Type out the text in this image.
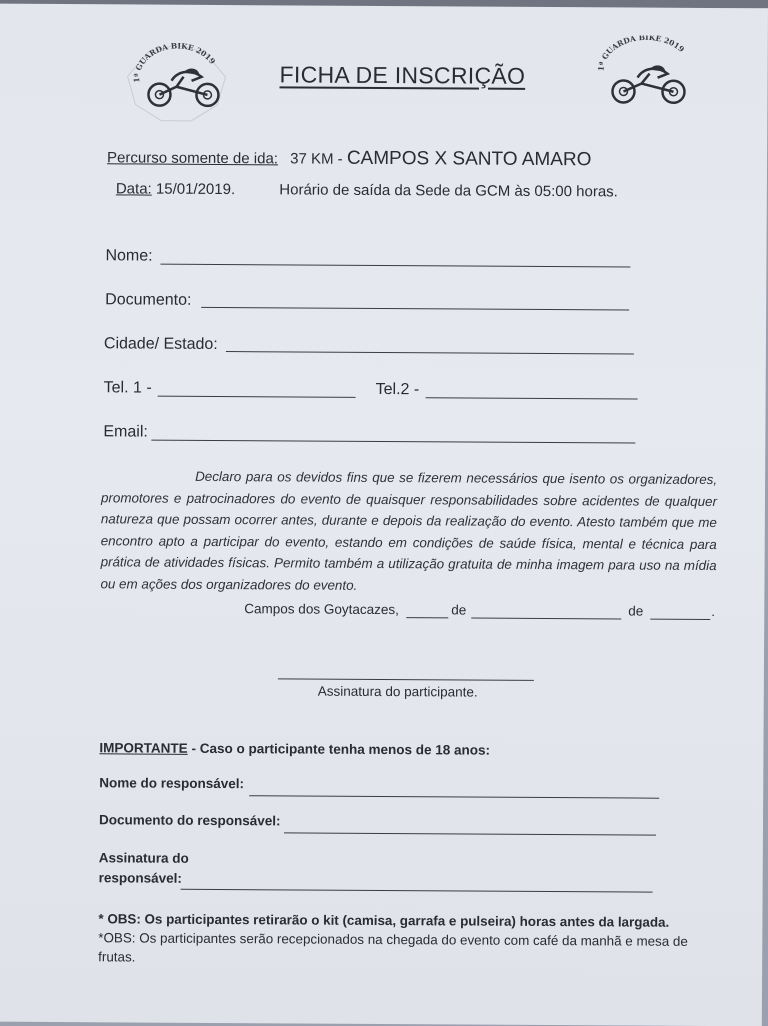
1ª GUARDA BIKE 2019
1ª GUARDA BIKE 2019
FICHA DE INSCRIÇÃO
Percurso somente de ida: 37 KM - CAMPOS X SANTO AMARO
Data: 15/01/2019.	Horário de saída da Sede da GCM às 05:00 horas.
Nome:
Documento:
Cidade/ Estado:
Tel. 1 -	Tel.2 -
Email:
Declaro para os devidos fins que se fizerem necessários que isento os organizadores, promotores e patrocinadores do evento de quaisquer responsabilidades sobre acidentes de qualquer natureza que possam ocorrer antes, durante e depois da realização do evento. Atesto também que me encontro apto a participar do evento, estando em condições de saúde física, mental e técnica para prática de atividades físicas. Permito também a utilização gratuita de minha imagem para uso na mídia ou em ações dos organizadores do evento.
Campos dos Goytacazes,	de	de	.
Assinatura do participante.
IMPORTANTE - Caso o participante tenha menos de 18 anos:
Nome do responsável:
Documento do responsável:
Assinatura do
responsável:
* OBS: Os participantes retirarão o kit (camisa, garrafa e pulseira) horas antes da largada.
*OBS: Os participantes serão recepcionados na chegada do evento com café da manhã e mesa de frutas.
